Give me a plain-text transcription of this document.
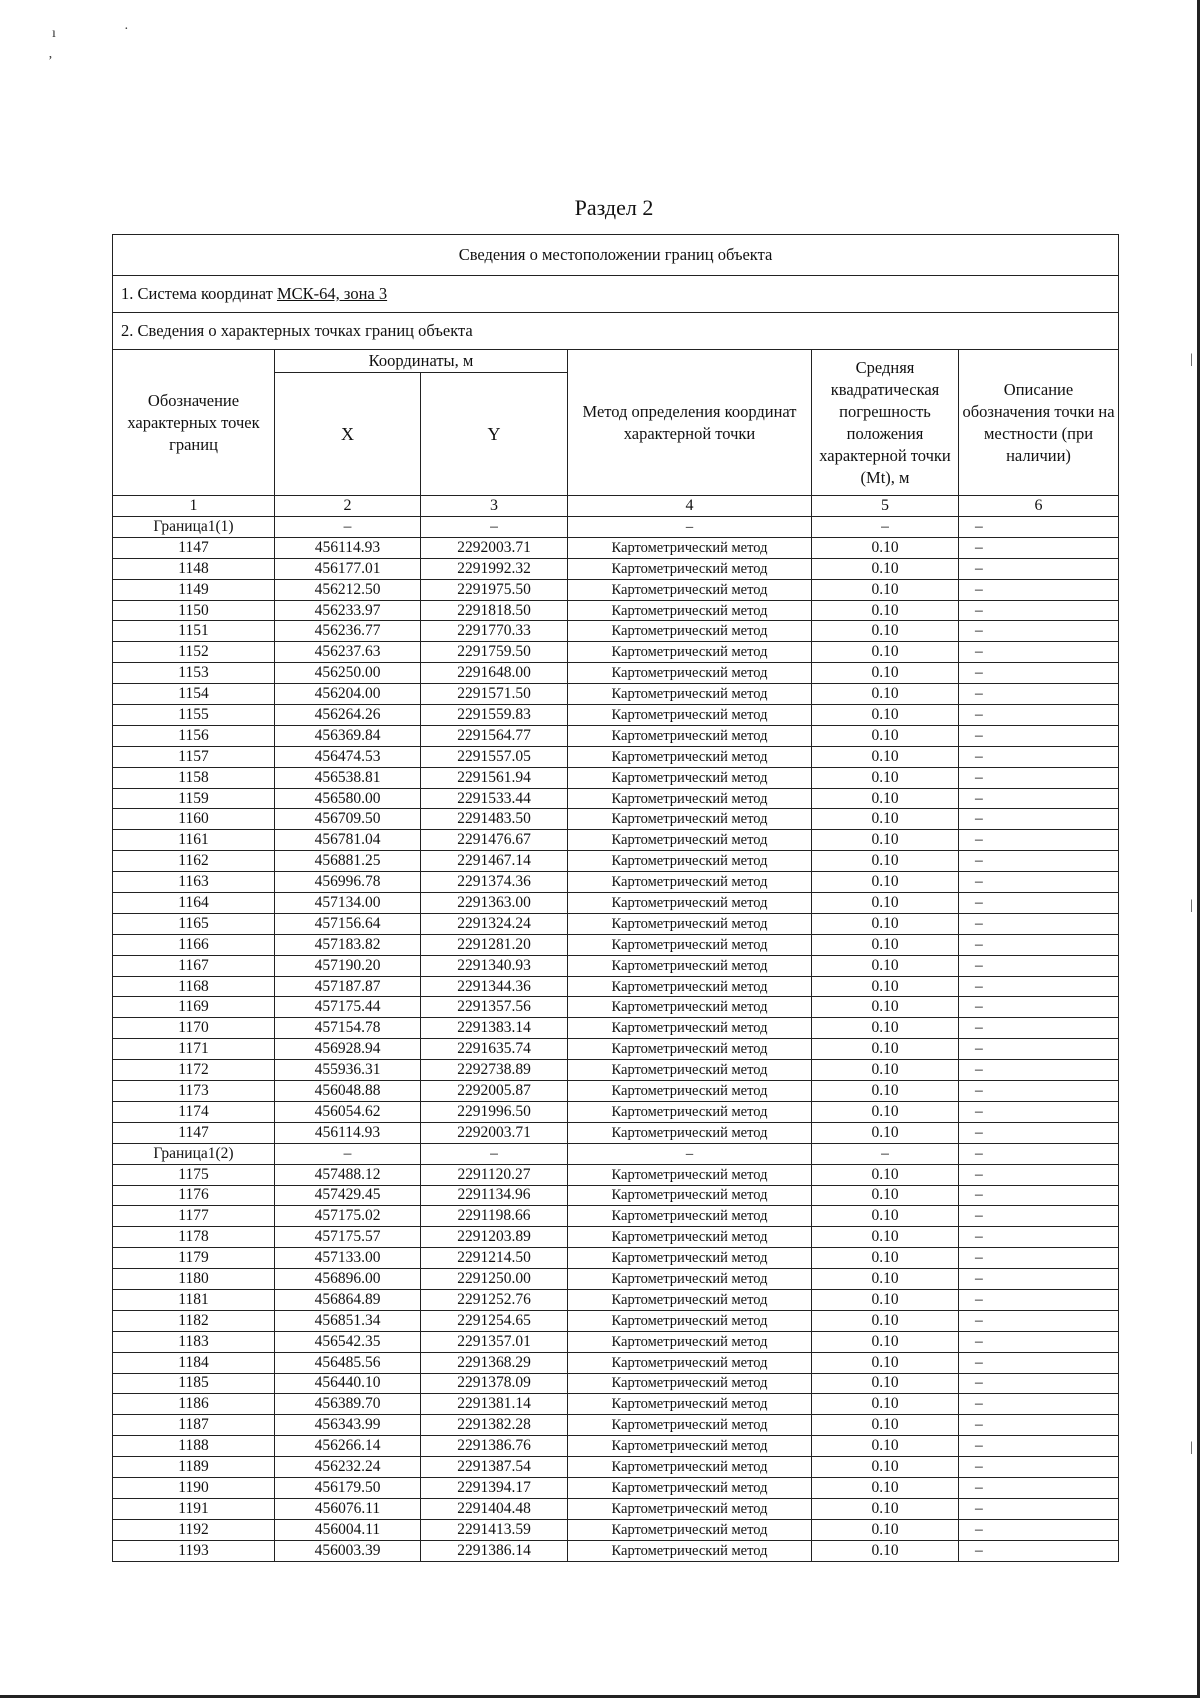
ı	·
ʼ
|
|
|
Раздел 2
Сведения о местоположении границ объекта					
1. Система координат МСК-64, зона 3					
2. Сведения о характерных точках границ объекта					
Обозначение характерных точек границ	Координаты, м		Метод определения координат характерной точки	Средняя квадратическая погрешность положения характерной точки (Mt), м	Описание обозначения точки на местности (при наличии)
	X	Y			
1	2	3	4	5	6
Граница1(1)	–	–	–	–	–
1147	456114.93	2292003.71	Картометрический метод	0.10	–
1148	456177.01	2291992.32	Картометрический метод	0.10	–
1149	456212.50	2291975.50	Картометрический метод	0.10	–
1150	456233.97	2291818.50	Картометрический метод	0.10	–
1151	456236.77	2291770.33	Картометрический метод	0.10	–
1152	456237.63	2291759.50	Картометрический метод	0.10	–
1153	456250.00	2291648.00	Картометрический метод	0.10	–
1154	456204.00	2291571.50	Картометрический метод	0.10	–
1155	456264.26	2291559.83	Картометрический метод	0.10	–
1156	456369.84	2291564.77	Картометрический метод	0.10	–
1157	456474.53	2291557.05	Картометрический метод	0.10	–
1158	456538.81	2291561.94	Картометрический метод	0.10	–
1159	456580.00	2291533.44	Картометрический метод	0.10	–
1160	456709.50	2291483.50	Картометрический метод	0.10	–
1161	456781.04	2291476.67	Картометрический метод	0.10	–
1162	456881.25	2291467.14	Картометрический метод	0.10	–
1163	456996.78	2291374.36	Картометрический метод	0.10	–
1164	457134.00	2291363.00	Картометрический метод	0.10	–
1165	457156.64	2291324.24	Картометрический метод	0.10	–
1166	457183.82	2291281.20	Картометрический метод	0.10	–
1167	457190.20	2291340.93	Картометрический метод	0.10	–
1168	457187.87	2291344.36	Картометрический метод	0.10	–
1169	457175.44	2291357.56	Картометрический метод	0.10	–
1170	457154.78	2291383.14	Картометрический метод	0.10	–
1171	456928.94	2291635.74	Картометрический метод	0.10	–
1172	455936.31	2292738.89	Картометрический метод	0.10	–
1173	456048.88	2292005.87	Картометрический метод	0.10	–
1174	456054.62	2291996.50	Картометрический метод	0.10	–
1147	456114.93	2292003.71	Картометрический метод	0.10	–
Граница1(2)	–	–	–	–	–
1175	457488.12	2291120.27	Картометрический метод	0.10	–
1176	457429.45	2291134.96	Картометрический метод	0.10	–
1177	457175.02	2291198.66	Картометрический метод	0.10	–
1178	457175.57	2291203.89	Картометрический метод	0.10	–
1179	457133.00	2291214.50	Картометрический метод	0.10	–
1180	456896.00	2291250.00	Картометрический метод	0.10	–
1181	456864.89	2291252.76	Картометрический метод	0.10	–
1182	456851.34	2291254.65	Картометрический метод	0.10	–
1183	456542.35	2291357.01	Картометрический метод	0.10	–
1184	456485.56	2291368.29	Картометрический метод	0.10	–
1185	456440.10	2291378.09	Картометрический метод	0.10	–
1186	456389.70	2291381.14	Картометрический метод	0.10	–
1187	456343.99	2291382.28	Картометрический метод	0.10	–
1188	456266.14	2291386.76	Картометрический метод	0.10	–
1189	456232.24	2291387.54	Картометрический метод	0.10	–
1190	456179.50	2291394.17	Картометрический метод	0.10	–
1191	456076.11	2291404.48	Картометрический метод	0.10	–
1192	456004.11	2291413.59	Картометрический метод	0.10	–
1193	456003.39	2291386.14	Картометрический метод	0.10	–
